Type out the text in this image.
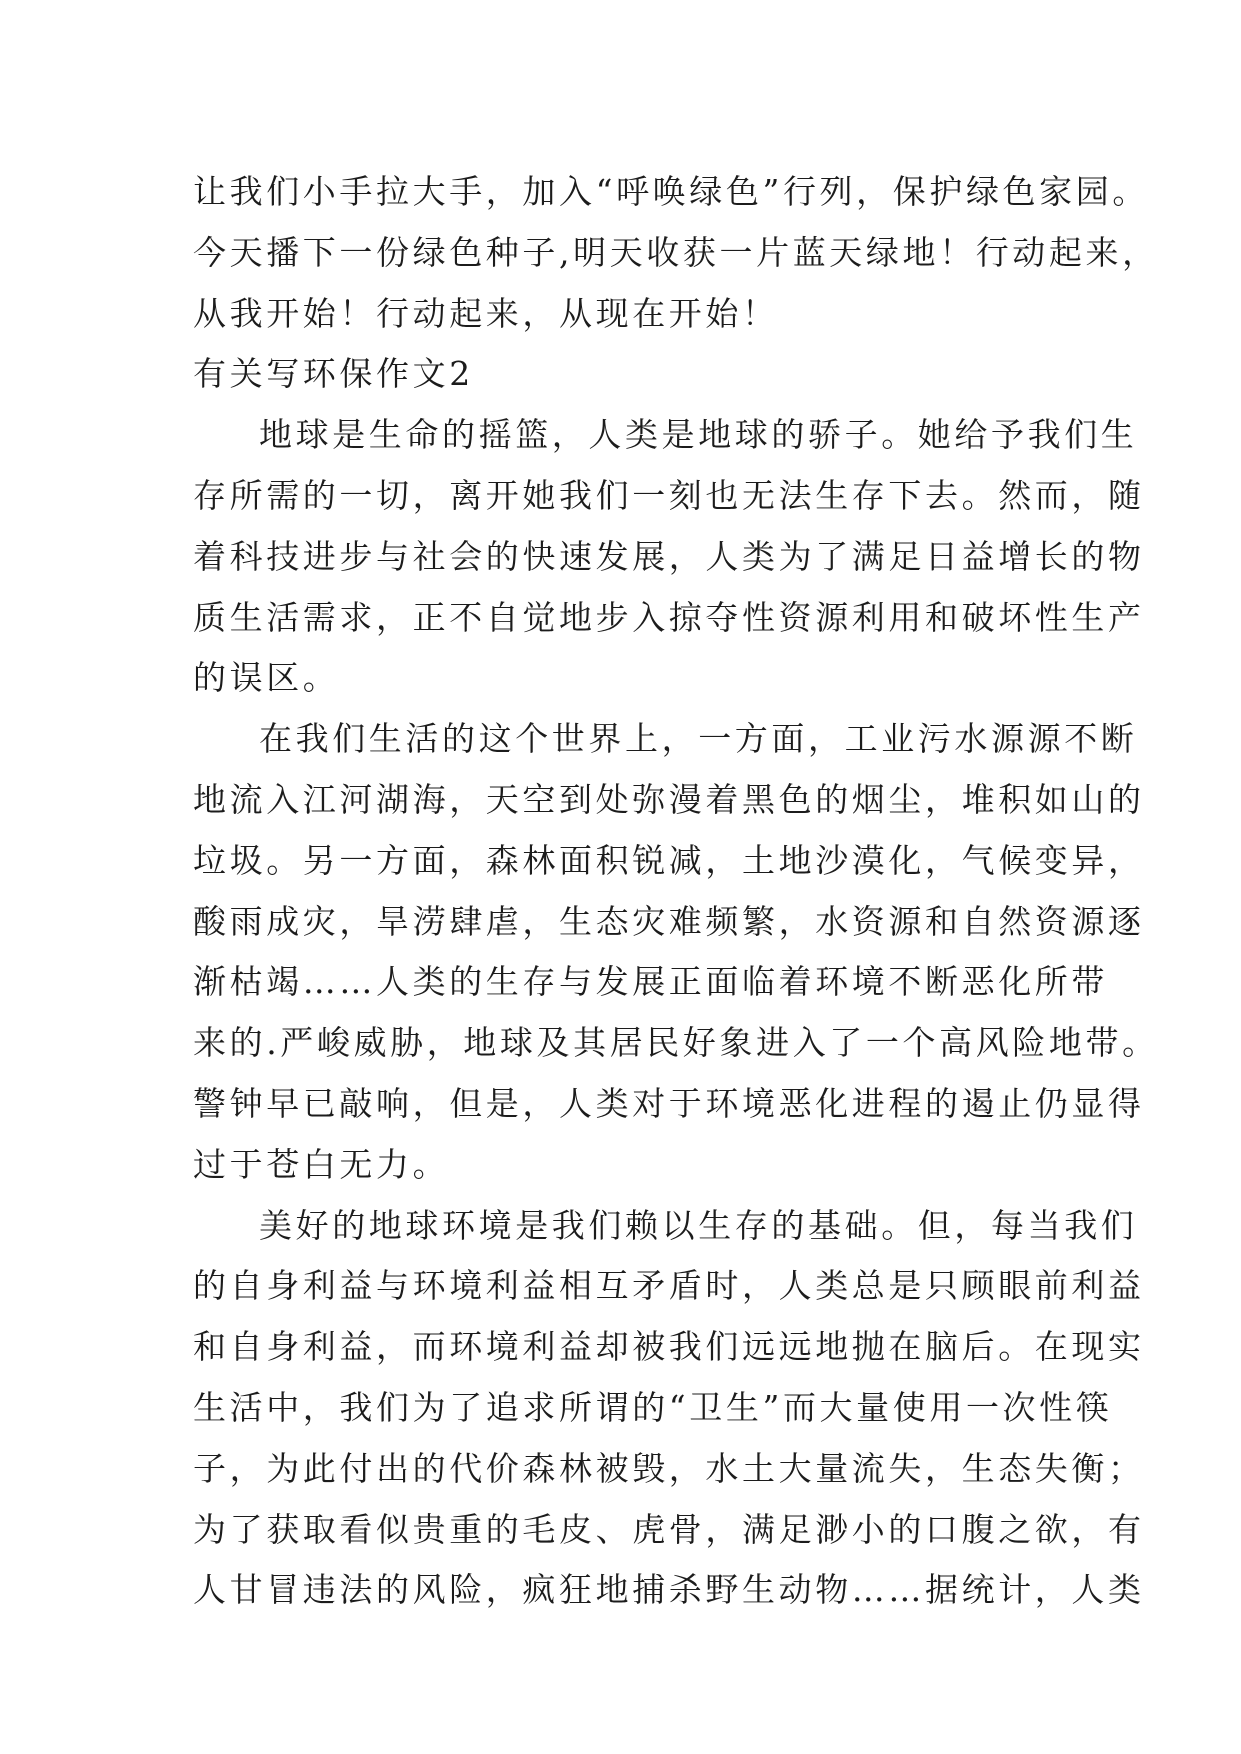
让我们小手拉大手，加入“呼唤绿色”行列，保护绿色家园。
今天播下一份绿色种子,明天收获一片蓝天绿地！行动起来，
从我开始！行动起来，从现在开始！
有关写环保作文2
地球是生命的摇篮，人类是地球的骄子。她给予我们生
存所需的一切，离开她我们一刻也无法生存下去。然而，随
着科技进步与社会的快速发展，人类为了满足日益增长的物
质生活需求，正不自觉地步入掠夺性资源利用和破坏性生产
的误区。
在我们生活的这个世界上，一方面，工业污水源源不断
地流入江河湖海，天空到处弥漫着黑色的烟尘，堆积如山的
垃圾。另一方面，森林面积锐减，土地沙漠化，气候变异，
酸雨成灾，旱涝肆虐，生态灾难频繁，水资源和自然资源逐
渐枯竭……人类的生存与发展正面临着环境不断恶化所带
来的.严峻威胁，地球及其居民好象进入了一个高风险地带。
警钟早已敲响，但是，人类对于环境恶化进程的遏止仍显得
过于苍白无力。
美好的地球环境是我们赖以生存的基础。但，每当我们
的自身利益与环境利益相互矛盾时，人类总是只顾眼前利益
和自身利益，而环境利益却被我们远远地抛在脑后。在现实
生活中，我们为了追求所谓的“卫生”而大量使用一次性筷
子，为此付出的代价森林被毁，水土大量流失，生态失衡；
为了获取看似贵重的毛皮、虎骨，满足渺小的口腹之欲，有
人甘冒违法的风险，疯狂地捕杀野生动物……据统计，人类
